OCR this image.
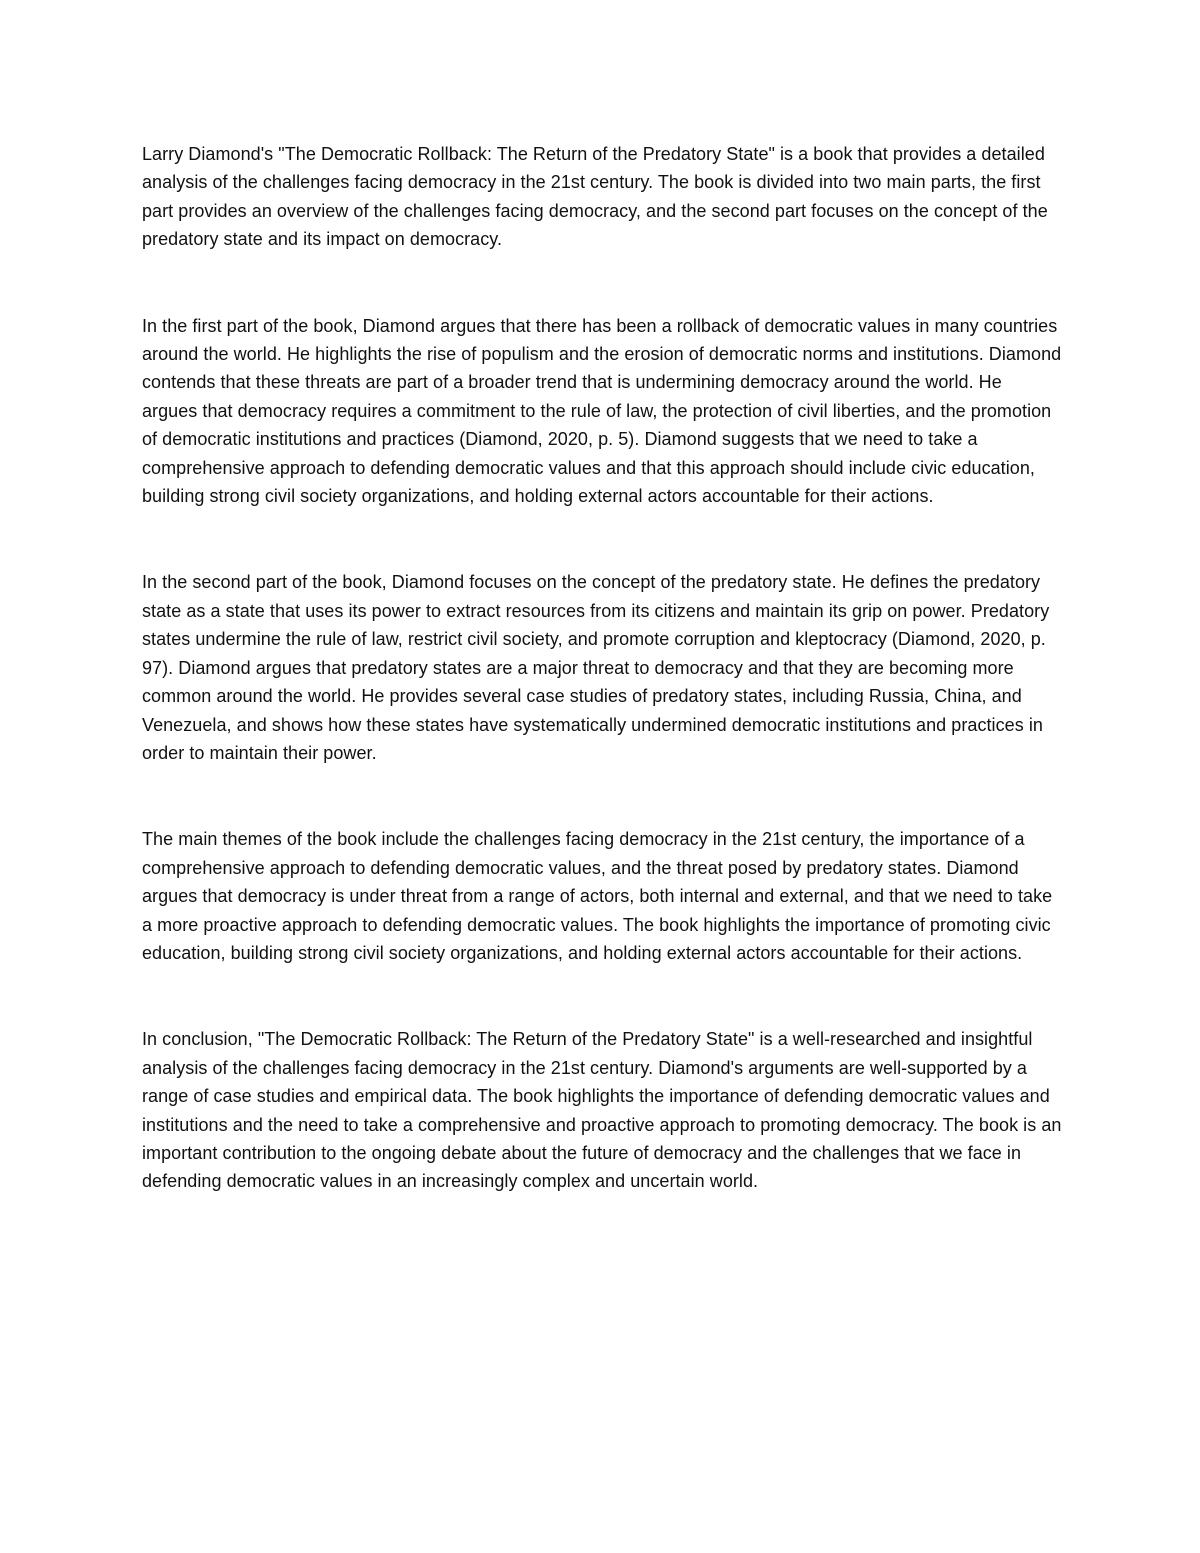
Larry Diamond's "The Democratic Rollback: The Return of the Predatory State" is a book that provides a detailed analysis of the challenges facing democracy in the 21st century. The book is divided into two main parts, the first part provides an overview of the challenges facing democracy, and the second part focuses on the concept of the predatory state and its impact on democracy.

In the first part of the book, Diamond argues that there has been a rollback of democratic values in many countries around the world. He highlights the rise of populism and the erosion of democratic norms and institutions. Diamond contends that these threats are part of a broader trend that is undermining democracy around the world. He argues that democracy requires a commitment to the rule of law, the protection of civil liberties, and the promotion of democratic institutions and practices (Diamond, 2020, p. 5). Diamond suggests that we need to take a comprehensive approach to defending democratic values and that this approach should include civic education, building strong civil society organizations, and holding external actors accountable for their actions.

In the second part of the book, Diamond focuses on the concept of the predatory state. He defines the predatory state as a state that uses its power to extract resources from its citizens and maintain its grip on power. Predatory states undermine the rule of law, restrict civil society, and promote corruption and kleptocracy (Diamond, 2020, p. 97). Diamond argues that predatory states are a major threat to democracy and that they are becoming more common around the world. He provides several case studies of predatory states, including Russia, China, and Venezuela, and shows how these states have systematically undermined democratic institutions and practices in order to maintain their power.

The main themes of the book include the challenges facing democracy in the 21st century, the importance of a comprehensive approach to defending democratic values, and the threat posed by predatory states. Diamond argues that democracy is under threat from a range of actors, both internal and external, and that we need to take a more proactive approach to defending democratic values. The book highlights the importance of promoting civic education, building strong civil society organizations, and holding external actors accountable for their actions.

In conclusion, "The Democratic Rollback: The Return of the Predatory State" is a well-researched and insightful analysis of the challenges facing democracy in the 21st century. Diamond's arguments are well-supported by a range of case studies and empirical data. The book highlights the importance of defending democratic values and institutions and the need to take a comprehensive and proactive approach to promoting democracy. The book is an important contribution to the ongoing debate about the future of democracy and the challenges that we face in defending democratic values in an increasingly complex and uncertain world.
